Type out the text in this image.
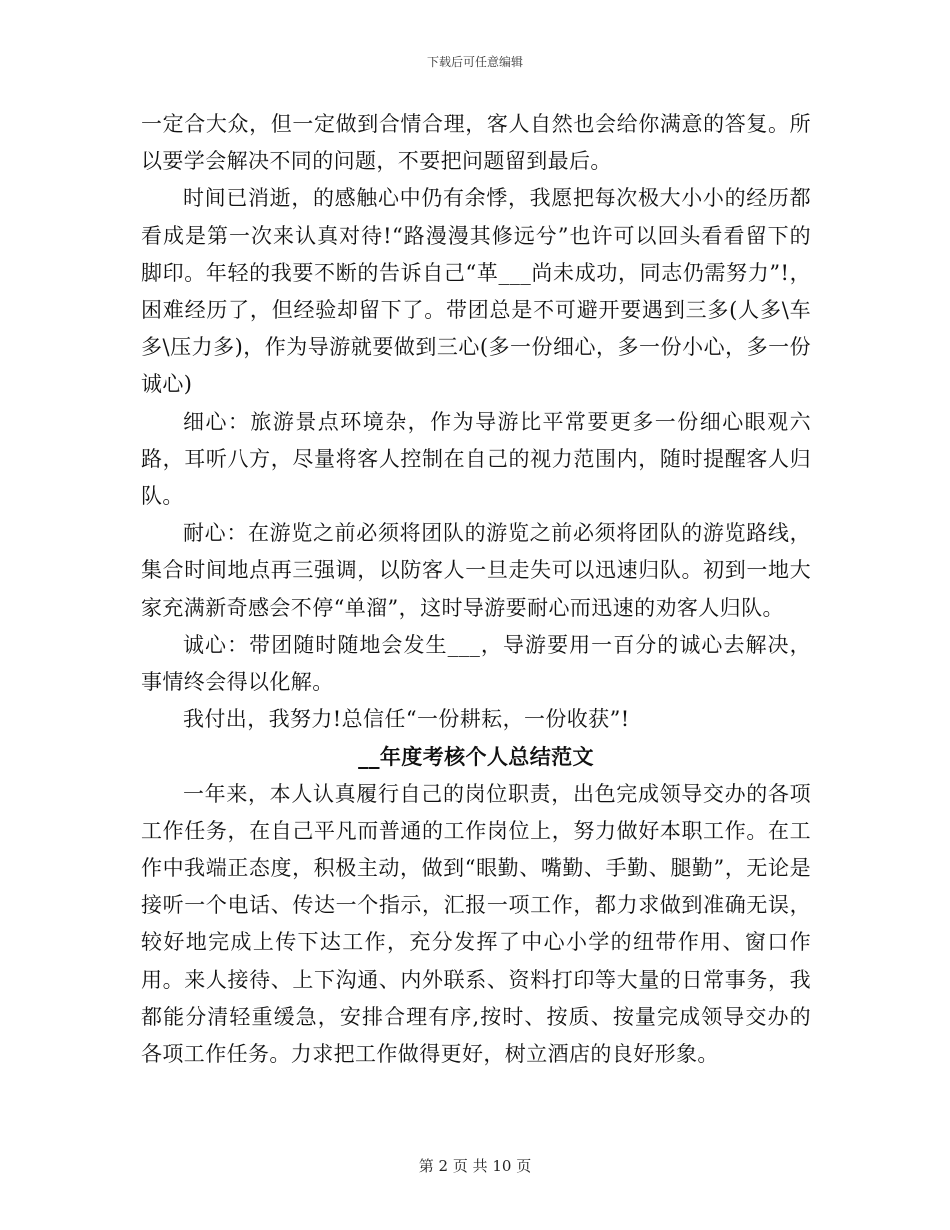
下载后可任意编辑

一定合大众，但一定做到合情合理，客人自然也会给你满意的答复。所以要学会解决不同的问题，不要把问题留到最后。

时间已消逝，的感触心中仍有余悸，我愿把每次极大小小的经历都看成是第一次来认真对待!“路漫漫其修远兮”也许可以回头看看留下的脚印。年轻的我要不断的告诉自己“革___尚未成功，同志仍需努力”!，困难经历了，但经验却留下了。带团总是不可避开要遇到三多(人多\车多\压力多)，作为导游就要做到三心(多一份细心，多一份小心，多一份诚心)

细心：旅游景点环境杂，作为导游比平常要更多一份细心眼观六路，耳听八方，尽量将客人控制在自己的视力范围内，随时提醒客人归队。

耐心：在游览之前必须将团队的游览之前必须将团队的游览路线，集合时间地点再三强调，以防客人一旦走失可以迅速归队。初到一地大家充满新奇感会不停“单溜”，这时导游要耐心而迅速的劝客人归队。

诚心：带团随时随地会发生___，导游要用一百分的诚心去解决，事情终会得以化解。

我付出，我努力!总信任“一份耕耘，一份收获”!

__年度考核个人总结范文

一年来，本人认真履行自己的岗位职责，出色完成领导交办的各项工作任务，在自己平凡而普通的工作岗位上，努力做好本职工作。在工作中我端正态度，积极主动，做到“眼勤、嘴勤、手勤、腿勤”，无论是接听一个电话、传达一个指示，汇报一项工作，都力求做到准确无误，较好地完成上传下达工作，充分发挥了中心小学的纽带作用、窗口作用。来人接待、上下沟通、内外联系、资料打印等大量的日常事务，我都能分清轻重缓急，安排合理有序,按时、按质、按量完成领导交办的各项工作任务。力求把工作做得更好，树立酒店的良好形象。

第 2 页 共 10 页
